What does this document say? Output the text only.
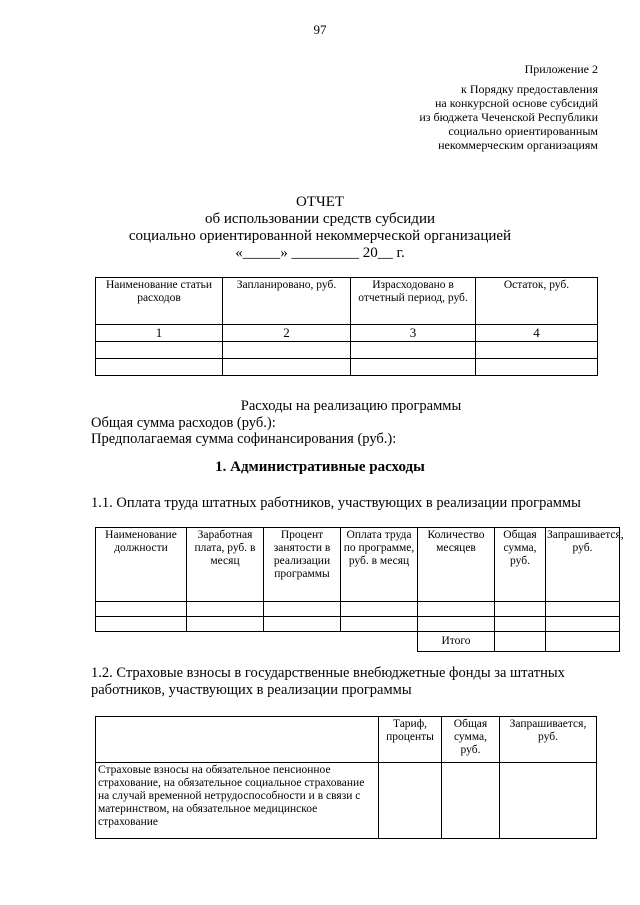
97
Приложение 2
к Порядку предоставления
на конкурсной основе субсидий
из бюджета Чеченской Республики
социально ориентированным
некоммерческим организациям
ОТЧЕТ
об использовании средств субсидии
социально ориентированной некоммерческой организацией
«_____» _________ 20__ г.
Наименование статьи расходов	Запланировано, руб.	Израсходовано в отчетный период, руб.	Остаток, руб.
1	2	3	4

Расходы на реализацию программы
Общая сумма расходов (руб.):
Предполагаемая сумма софинансирования (руб.):
1. Административные расходы
1.1. Оплата труда штатных работников, участвующих в реализации программы
Наименование должности	Заработная плата, руб. в месяц	Процент занятости в реализации программы	Оплата труда по программе, руб. в месяц	Количество месяцев	Общая сумма, руб.	Запрашивается, руб.

				Итого		
1.2. Страховые взносы в государственные внебюджетные фонды за штатных работников, участвующих в реализации программы
	Тариф, проценты	Общая сумма, руб.	Запрашивается, руб.
Страховые взносы на обязательное пенсионное страхование, на обязательное социальное страхование на случай временной нетрудоспособности и в связи с материнством, на обязательное медицинское страхование			
